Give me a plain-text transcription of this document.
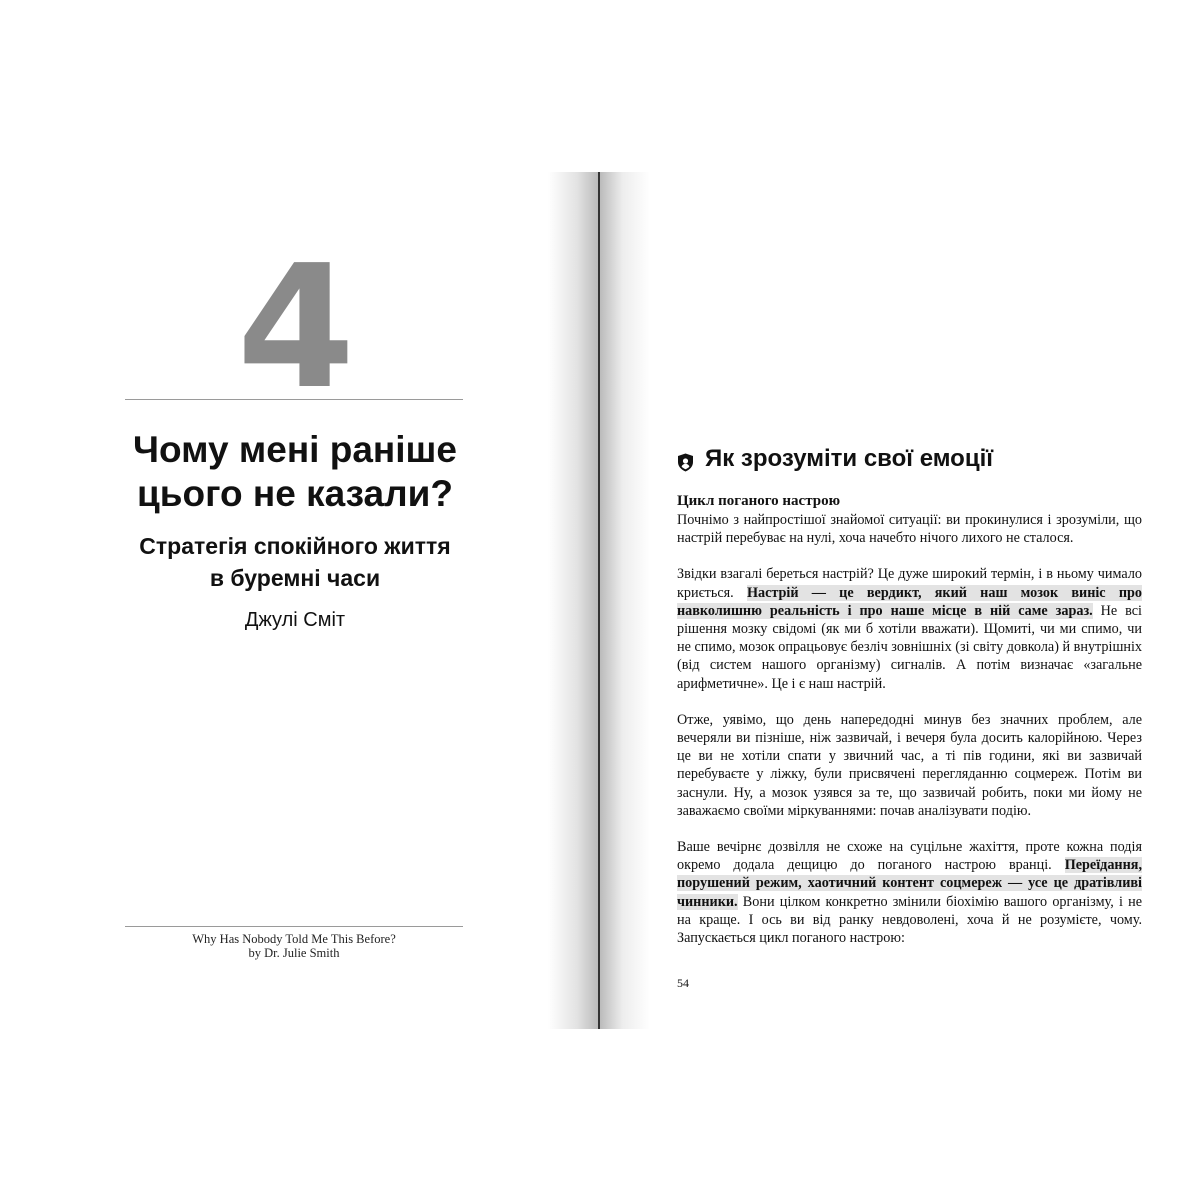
4
Чому мені раніше
цього не казали?
Стратегія спокійного життя
в буремні часи
Джулі Сміт
Why Has Nobody Told Me This Before?
by Dr. Julie Smith
Як зрозуміти свої емоції
Цикл поганого настрою

Почнімо з найпростішої знайомої ситуації: ви прокинулися і зрозуміли, що настрій перебуває на нулі, хоча начебто нічого лихого не сталося.

Звідки взагалі береться настрій? Це дуже широкий термін, і в ньому чимало криється. Настрій — це вердикт, який наш мозок виніс про навколишню реальність і про наше місце в ній саме зараз. Не всі рішення мозку свідомі (як ми б хотіли вважати). Щомиті, чи ми спимо, чи не спимо, мозок опрацьовує безліч зовнішніх (зі світу довкола) й внутрішніх (від систем нашого організму) сигналів. А потім визначає «загальне арифметичне». Це і є наш настрій.

Отже, уявімо, що день напередодні минув без значних проблем, але вечеряли ви пізніше, ніж зазвичай, і вечеря була досить калорійною. Через це ви не хотіли спати у звичний час, а ті пів години, які ви зазвичай перебуваєте у ліжку, були присвячені перегляданню соцмереж. Потім ви заснули. Ну, а мозок узявся за те, що зазвичай робить, поки ми йому не заважаємо своїми міркуваннями: почав аналізувати подію.

Ваше вечірнє дозвілля не схоже на суцільне жахіття, проте кожна подія окремо додала дещицю до поганого настрою вранці. Переїдання, порушений режим, хаотичний контент соцмереж — усе це дратівливі чинники. Вони цілком конкретно змінили біохімію вашого організму, і не на краще. І ось ви від ранку невдоволені, хоча й не розумієте, чому. Запускається цикл поганого настрою:

54
